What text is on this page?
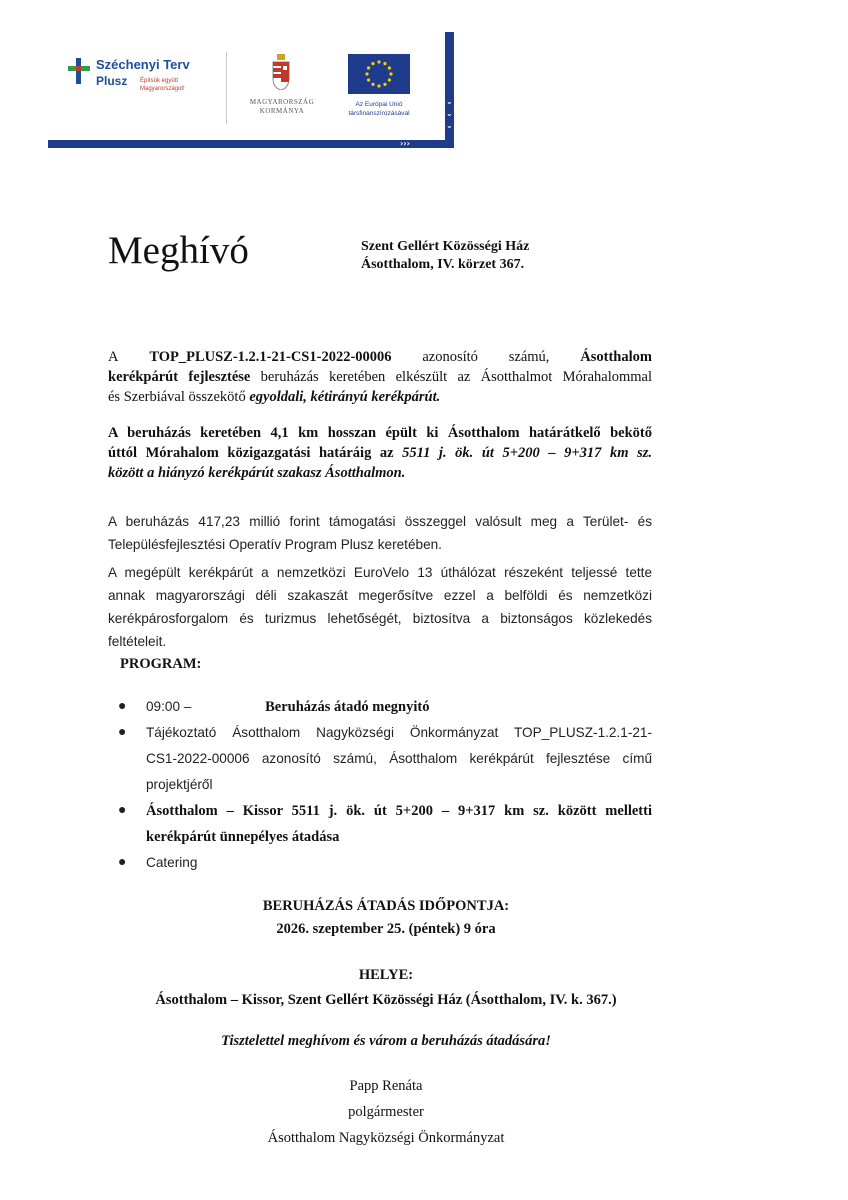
Széchenyi Terv
Plusz Építsük együtt Magyarországot!
MAGYARORSZÁG
KORMÁNYA
Az Európai Unió
társfinanszírozásával
⌄
⌄
⌄
›››
Meghívó	Szent Gellért Közösségi Ház
Ásotthalom, IV. körzet 367.
A TOP_PLUSZ-1.2.1-21-CS1-2022-00006 azonosító számú, Ásotthalom
kerékpárút fejlesztése beruházás keretében elkészült az Ásotthalmot Mórahalommal
és Szerbiával összekötő egyoldali, kétirányú kerékpárút.
A beruházás keretében 4,1 km hosszan épült ki Ásotthalom határátkelő bekötő
úttól Mórahalom közigazgatási határáig az 5511 j. ök. út 5+200 – 9+317 km sz.
között a hiányzó kerékpárút szakasz Ásotthalmon.
A beruházás 417,23 millió forint támogatási összeggel valósult meg a Terület- és
Településfejlesztési Operatív Program Plusz keretében.
A megépült kerékpárút a nemzetközi EuroVelo 13 úthálózat részeként teljessé tette
annak magyarországi déli szakaszát megerősítve ezzel a belföldi és nemzetközi
kerékpárosforgalom és turizmus lehetőségét, biztosítva a biztonságos közlekedés
feltételeit.
PROGRAM:
● 09:00 –	Beruházás átadó megnyitó
● Tájékoztató Ásotthalom Nagyközségi Önkormányzat TOP_PLUSZ-1.2.1-21-
CS1-2022-00006 azonosító számú, Ásotthalom kerékpárút fejlesztése című
projektjéről
● Ásotthalom – Kissor 5511 j. ök. út 5+200 – 9+317 km sz. között melletti
kerékpárút ünnepélyes átadása
● Catering
BERUHÁZÁS ÁTADÁS IDŐPONTJA:
2026. szeptember 25. (péntek) 9 óra
HELYE:
Ásotthalom – Kissor, Szent Gellért Közösségi Ház (Ásotthalom, IV. k. 367.)
Tisztelettel meghívom és várom a beruházás átadására!
Papp Renáta
polgármester
Ásotthalom Nagyközségi Önkormányzat
